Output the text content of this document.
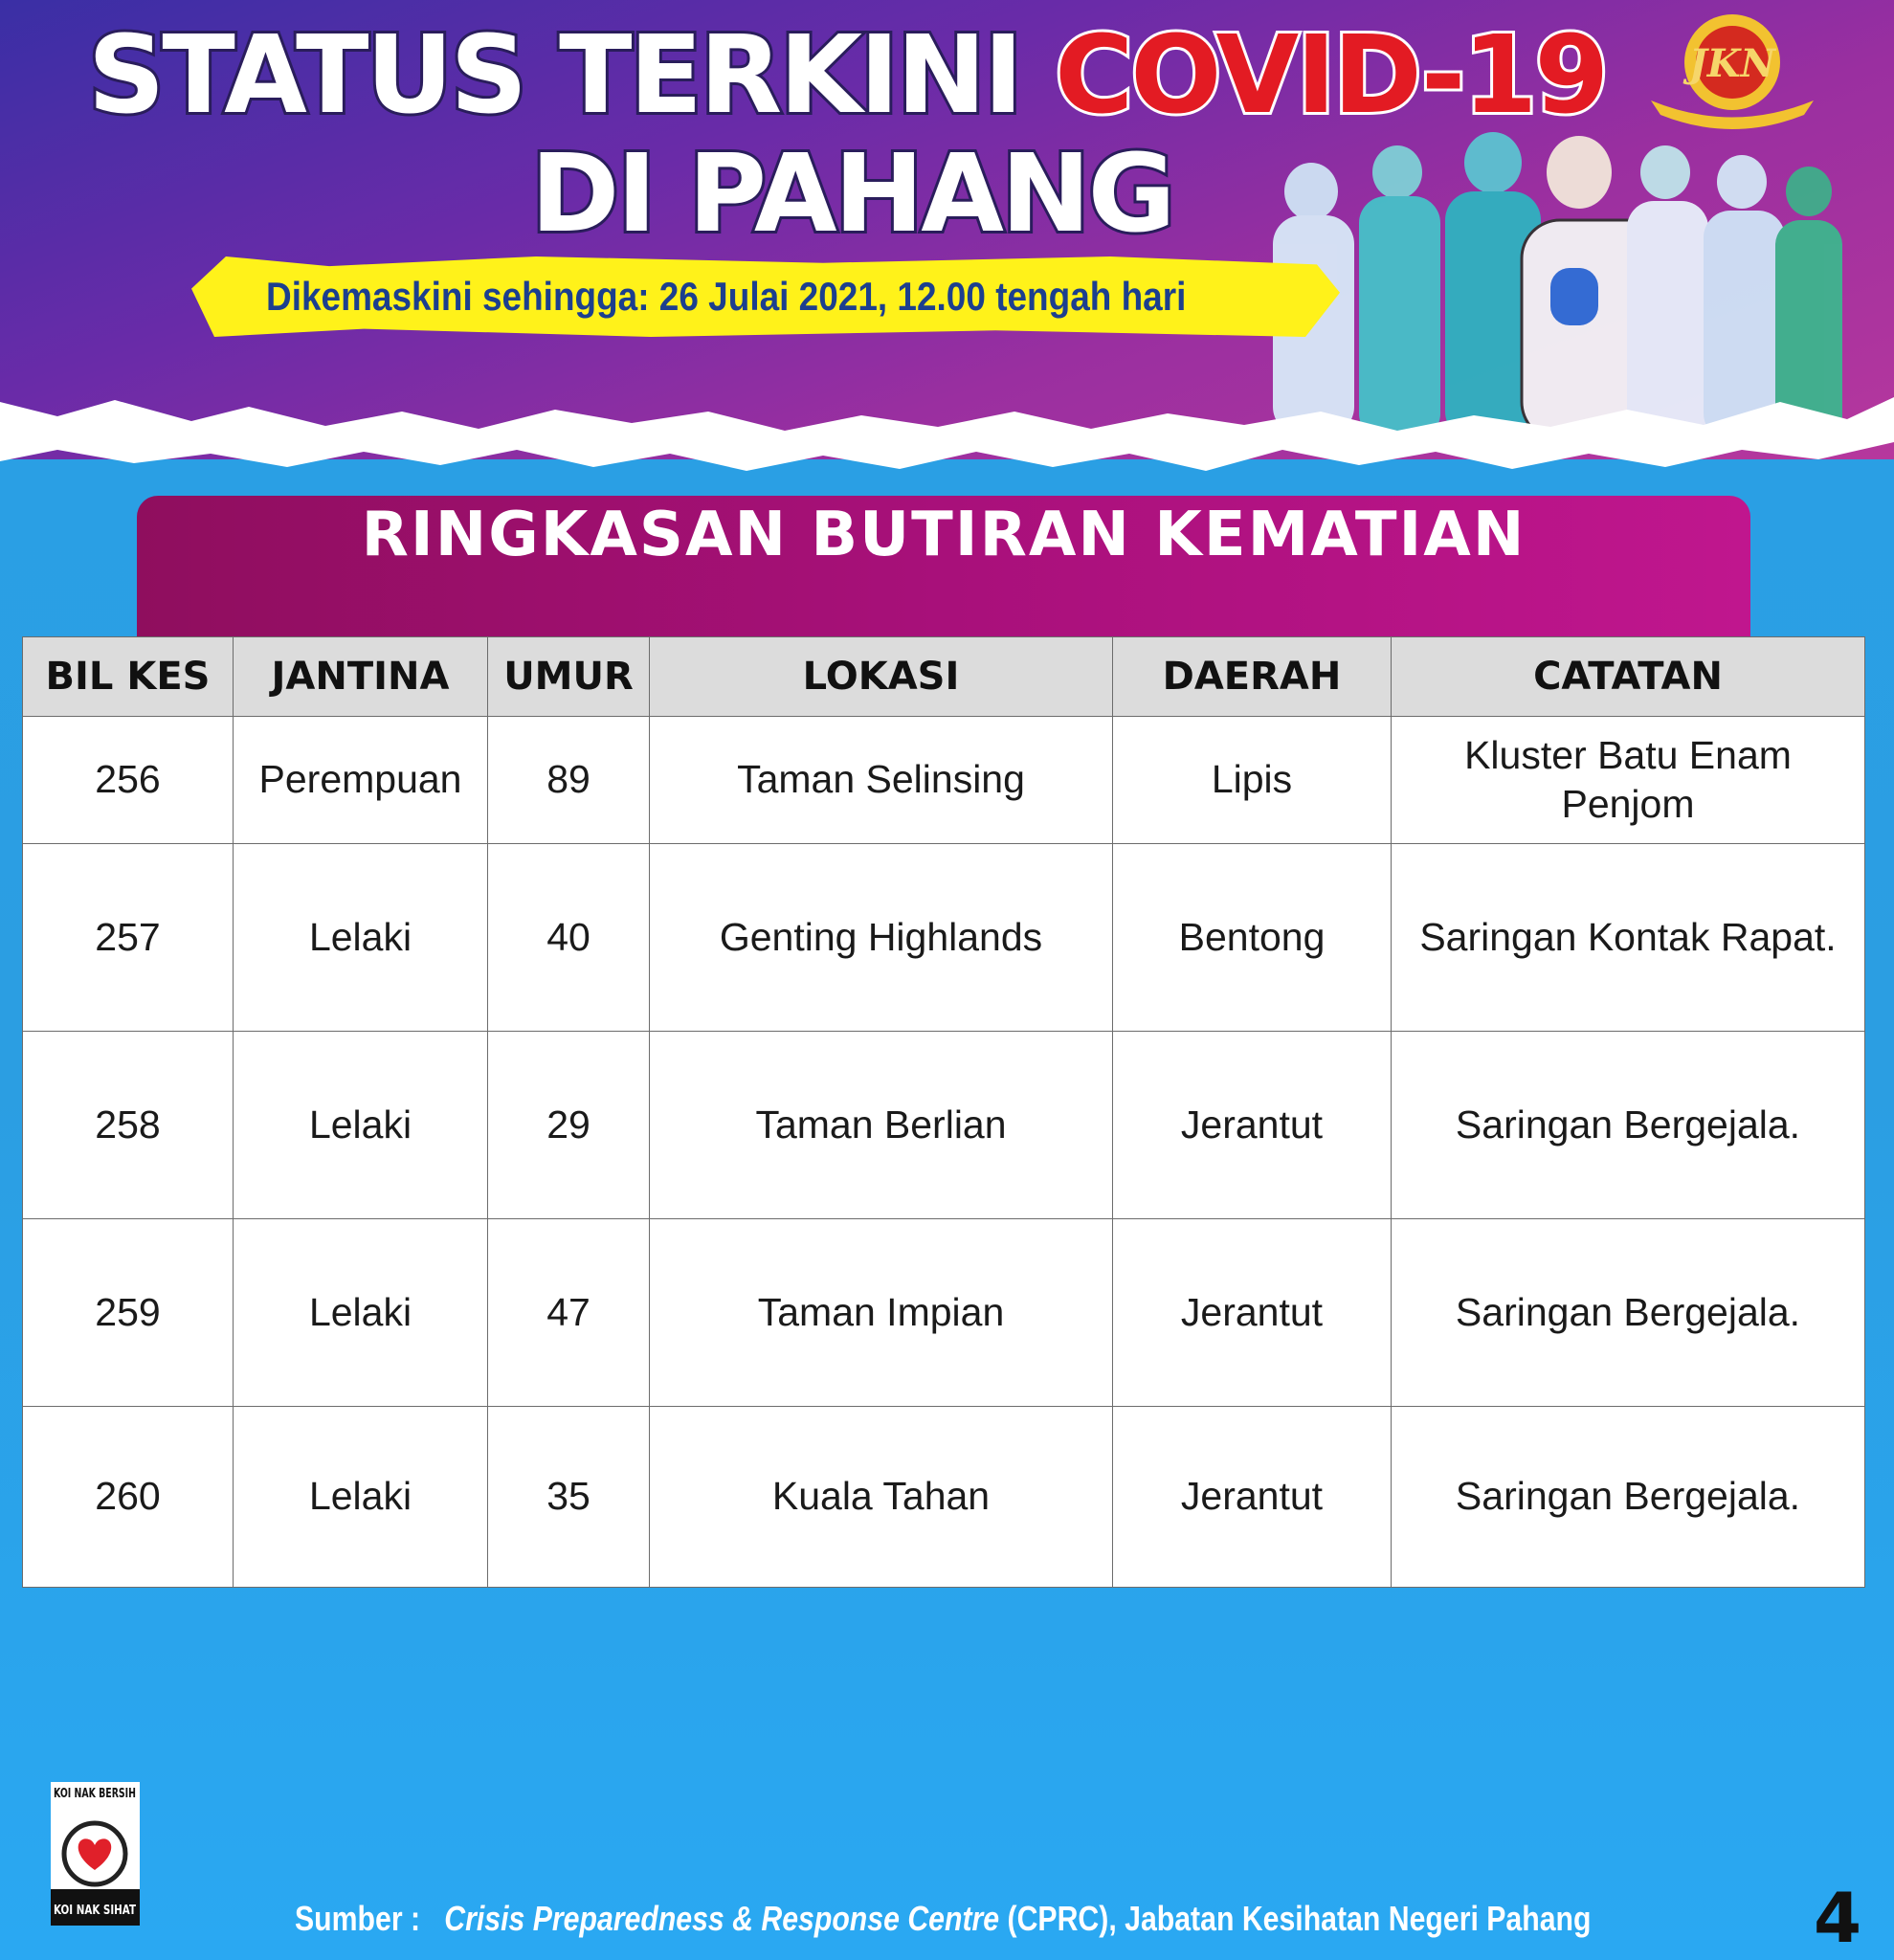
STATUS TERKINI COVID-19
DI PAHANG
Dikemaskini sehingga: 26 Julai 2021, 12.00 tengah hari
JKN
RINGKASAN BUTIRAN KEMATIAN
BIL KES	JANTINA	UMUR	LOKASI	DAERAH	CATATAN
256	Perempuan	89	Taman Selinsing	Lipis	Kluster Batu Enam
Penjom
257	Lelaki	40	Genting Highlands	Bentong	Saringan Kontak Rapat.
258	Lelaki	29	Taman Berlian	Jerantut	Saringan Bergejala.
259	Lelaki	47	Taman Impian	Jerantut	Saringan Bergejala.
260	Lelaki	35	Kuala Tahan	Jerantut	Saringan Bergejala.
KOI NAK BERSIH
KOI NAK SIHAT	Sumber : Crisis Preparedness & Response Centre (CPRC), Jabatan Kesihatan Negeri Pahang	4
